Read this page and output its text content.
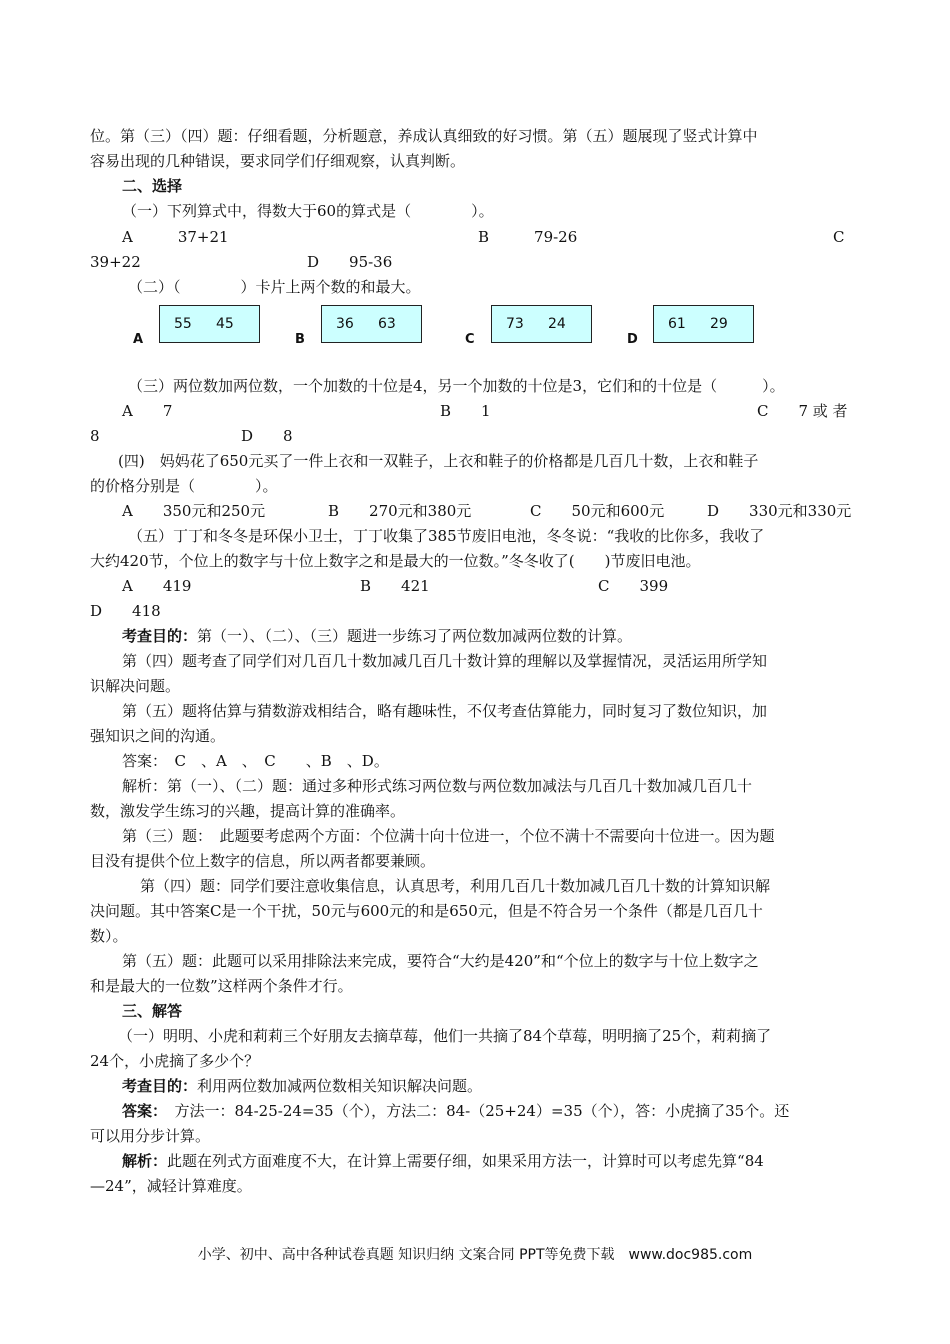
位。第（三）（四）题：仔细看题，分析题意，养成认真细致的好习惯。第（五）题展现了竖式计算中
容易出现的几种错误，要求同学们仔细观察，认真判断。
二、选择
（一）下列算式中，得数大于60的算式是（　　　　）。
A　　　37+21	B　　　79-26	C
39+22	D　　95-36
（二）（　　　　）卡片上两个数的和最大。
A
55 45
B
36 63
C
73 24
D
61 29
（三）两位数加两位数，一个加数的十位是4，另一个加数的十位是3，它们和的十位是（　　　）。
A　　7	B　　1	C　　7 或 者
8	D　　8
(四)　妈妈花了650元买了一件上衣和一双鞋子，上衣和鞋子的价格都是几百几十数，上衣和鞋子
的价格分别是（　　　　）。
A　　350元和250元	B　　270元和380元	C　　50元和600元	D　　330元和330元
（五）丁丁和冬冬是环保小卫士，丁丁收集了385节废旧电池，冬冬说：“我收的比你多，我收了
大约420节，个位上的数字与十位上数字之和是最大的一位数。”冬冬收了(　　)节废旧电池。
A　　419	B　　421	C　　399
D　　418
考查目的：第（一）、（二）、（三）题进一步练习了两位数加减两位数的计算。
第（四）题考查了同学们对几百几十数加减几百几十数计算的理解以及掌握情况，灵活运用所学知
识解决问题。
第（五）题将估算与猜数游戏相结合，略有趣味性，不仅考查估算能力，同时复习了数位知识，加
强知识之间的沟通。
答案：　C　、A　、　C　　、B　、D。
解析：第（一）、（二）题：通过多种形式练习两位数与两位数加减法与几百几十数加减几百几十
数，激发学生练习的兴趣，提高计算的准确率。
第（三）题：　此题要考虑两个方面：个位满十向十位进一，个位不满十不需要向十位进一。因为题
目没有提供个位上数字的信息，所以两者都要兼顾。
第（四）题：同学们要注意收集信息，认真思考，利用几百几十数加减几百几十数的计算知识解
决问题。其中答案C是一个干扰，50元与600元的和是650元，但是不符合另一个条件（都是几百几十
数）。
第（五）题：此题可以采用排除法来完成，要符合“大约是420”和“个位上的数字与十位上数字之
和是最大的一位数”这样两个条件才行。
三、解答
（一）明明、小虎和莉莉三个好朋友去摘草莓，他们一共摘了84个草莓，明明摘了25个，莉莉摘了
24个，小虎摘了多少个？
考查目的：利用两位数加减两位数相关知识解决问题。
答案：　方法一：84-25-24=35（个），方法二：84-（25+24）=35（个），答：小虎摘了35个。还
可以用分步计算。
解析：此题在列式方面难度不大，在计算上需要仔细，如果采用方法一，计算时可以考虑先算“84
—24”，减轻计算难度。
小学、初中、高中各种试卷真题 知识归纳 文案合同 PPT等免费下载　www.doc985.com
